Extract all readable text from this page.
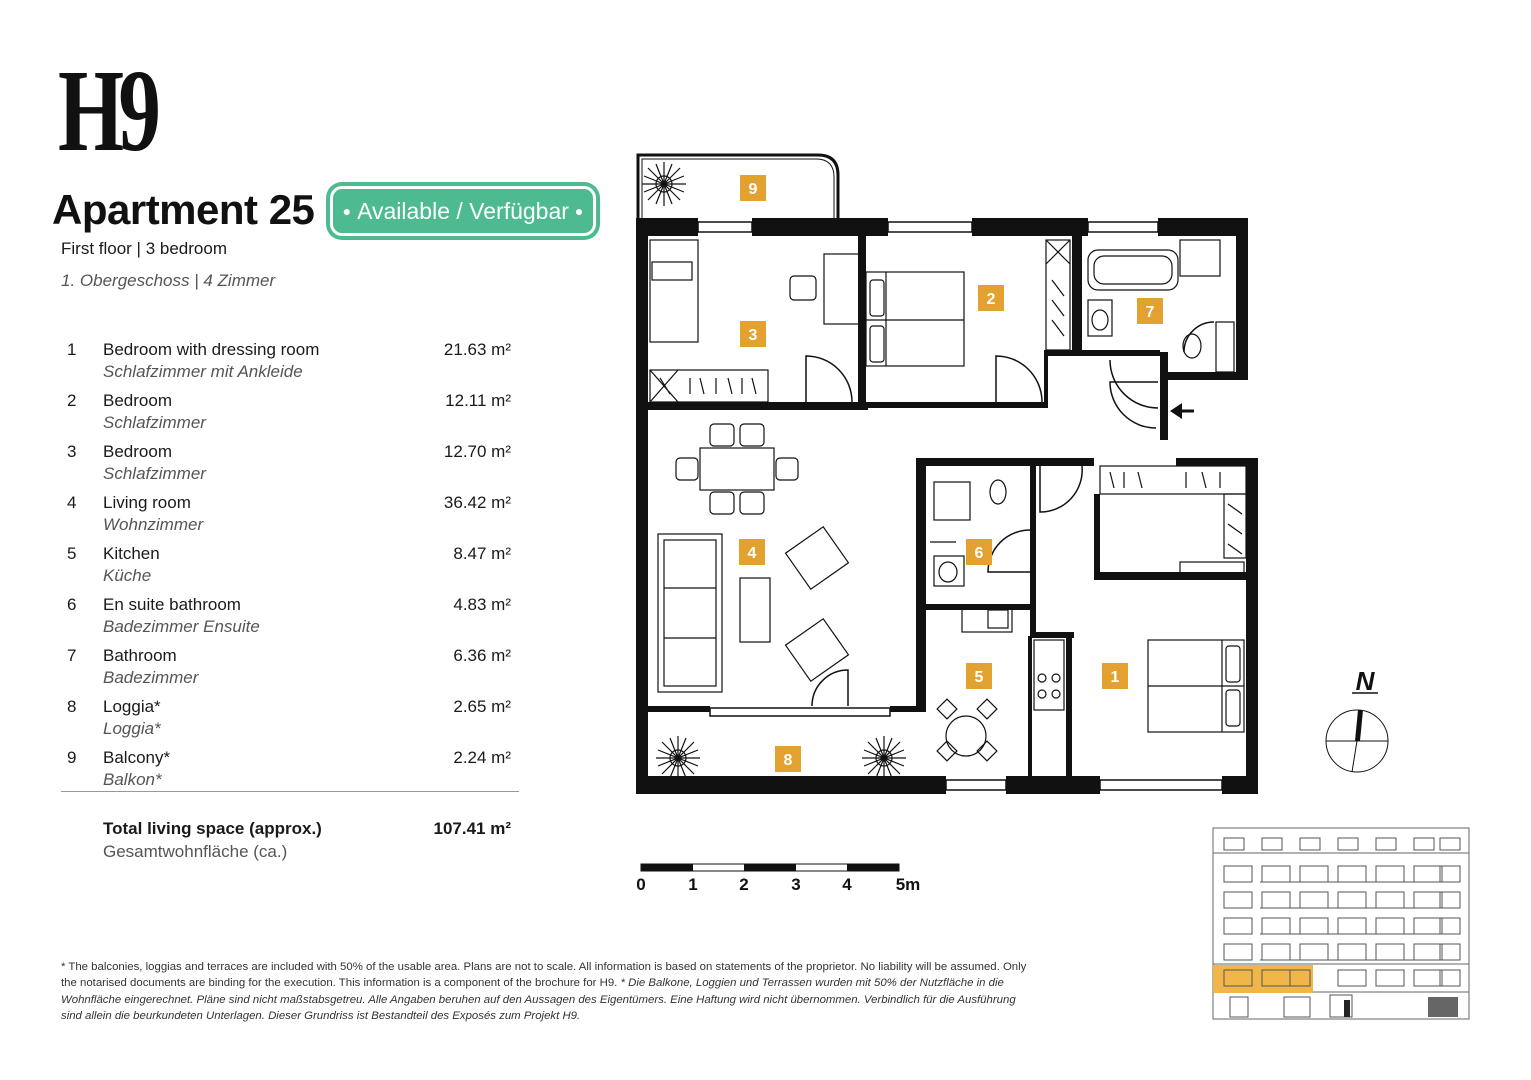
H9
Apartment 25 ● Available / Verfügbar ●
First floor | 3 bedroom
1. Obergeschoss | 4 Zimmer
1 Bedroom with dressing room
Schlafzimmer mit Ankleide
21.63 m²
2 Bedroom
Schlafzimmer
12.11 m²
3 Bedroom
Schlafzimmer
12.70 m²
4 Living room
Wohnzimmer
36.42 m²
5 Kitchen
Küche
8.47 m²
6 En suite bathroom
Badezimmer Ensuite
4.83 m²
7 Bathroom
Badezimmer
6.36 m²
8 Loggia*
Loggia*
2.65 m²
9 Balcony*
Balkon*
2.24 m²
Total living space (approx.)
Gesamtwohnfläche (ca.)
107.41 m²
* The balconies, loggias and terraces are included with 50% of the usable area. Plans are not to scale. All information is based on statements of the proprietor. No liability will be assumed. Only the notarised documents are binding for the execution. This information is a component of the brochure for H9. * Die Balkone, Loggien und Terrassen wurden mit 50% der Nutzfläche in die Wohnfläche eingerechnet. Pläne sind nicht maßstabsgetreu. Alle Angaben beruhen auf den Aussagen des Eigentümers. Eine Haftung wird nicht übernommen. Verbindlich für die Ausführung sind allein die beurkundeten Unterlagen. Dieser Grundriss ist Bestandteil des Exposés zum Projekt H9.
9
3
2
7
4	6
5	1
8
N
0	1 2	3 4	5m
